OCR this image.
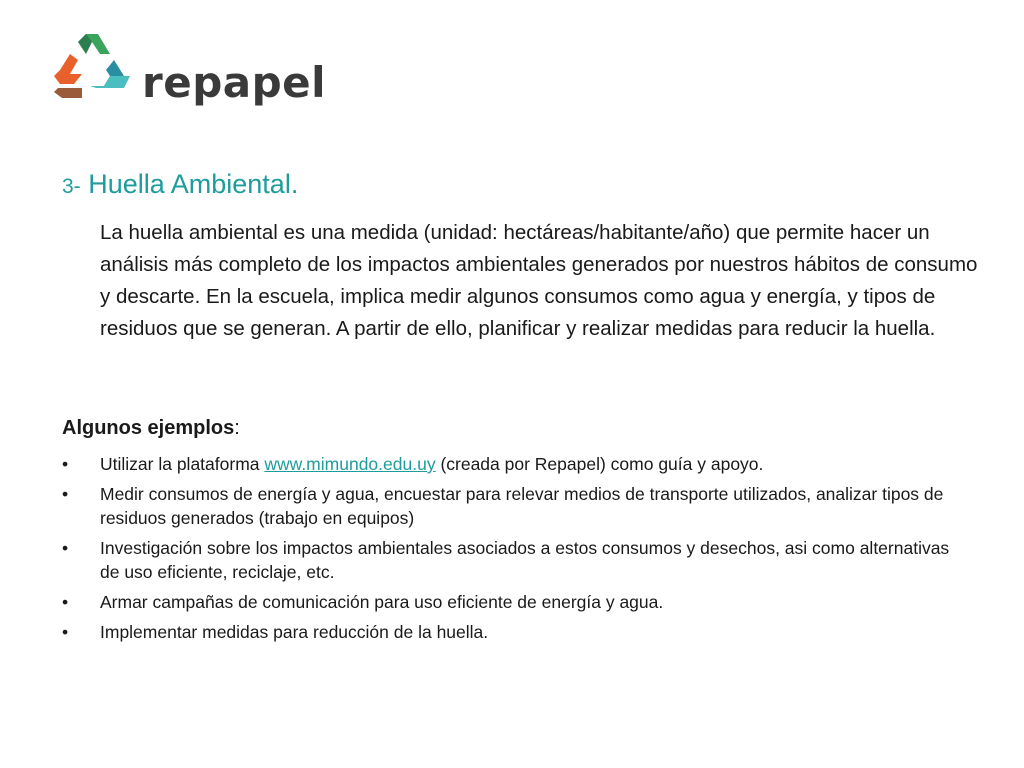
repapel
3- Huella Ambiental.
La huella ambiental es una medida (unidad: hectáreas/habitante/año) que permite hacer un análisis más completo de los impactos ambientales generados por nuestros hábitos de consumo y descarte. En la escuela, implica medir algunos consumos como agua y energía, y tipos de residuos que se generan. A partir de ello, planificar y realizar medidas para reducir la huella.
Algunos ejemplos:
• Utilizar la plataforma www.mimundo.edu.uy (creada por Repapel) como guía y apoyo.
• Medir consumos de energía y agua, encuestar para relevar medios de transporte utilizados, analizar tipos de residuos generados (trabajo en equipos)
• Investigación sobre los impactos ambientales asociados a estos consumos y desechos, asi como alternativas de uso eficiente, reciclaje, etc.
• Armar campañas de comunicación para uso eficiente de energía y agua.
• Implementar medidas para reducción de la huella.
